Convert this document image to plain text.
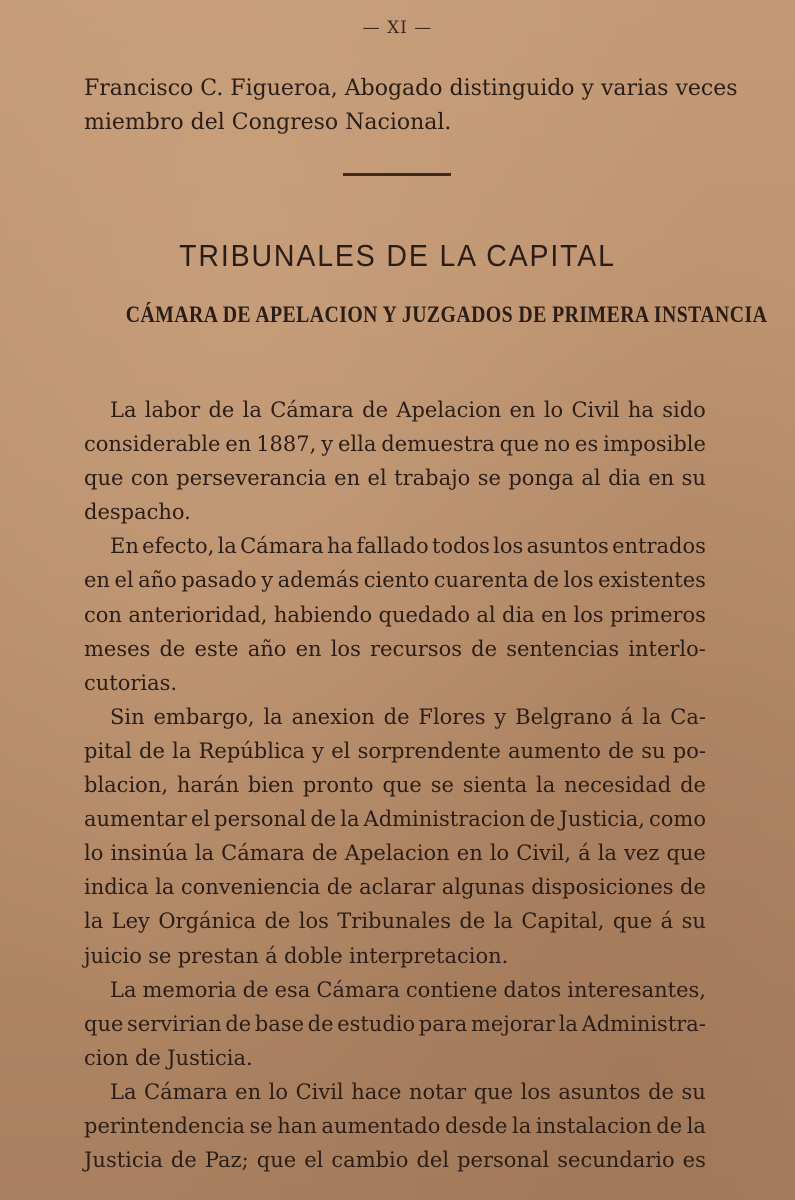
— XI —
Francisco C. Figueroa, Abogado distinguido y varias veces
miembro del Congreso Nacional.
TRIBUNALES DE LA CAPITAL
CÁMARA DE APELACION Y JUZGADOS DE PRIMERA INSTANCIA
La labor de la Cámara de Apelacion en lo Civil ha sido
considerable en 1887, y ella demuestra que no es imposible
que con perseverancia en el trabajo se ponga al dia en su
despacho.
En efecto, la Cámara ha fallado todos los asuntos entrados
en el año pasado y además ciento cuarenta de los existentes
con anterioridad, habiendo quedado al dia en los primeros
meses de este año en los recursos de sentencias interlo-
cutorias.
Sin embargo, la anexion de Flores y Belgrano á la Ca-
pital de la República y el sorprendente aumento de su po-
blacion, harán bien pronto que se sienta la necesidad de
aumentar el personal de la Administracion de Justicia, como
lo insinúa la Cámara de Apelacion en lo Civil, á la vez que
indica la conveniencia de aclarar algunas disposiciones de
la Ley Orgánica de los Tribunales de la Capital, que á su
juicio se prestan á doble interpretacion.
La memoria de esa Cámara contiene datos interesantes,
que servirian de base de estudio para mejorar la Administra-
cion de Justicia.
La Cámara en lo Civil hace notar que los asuntos de su
perintendencia se han aumentado desde la instalacion de la
Justicia de Paz; que el cambio del personal secundario es
